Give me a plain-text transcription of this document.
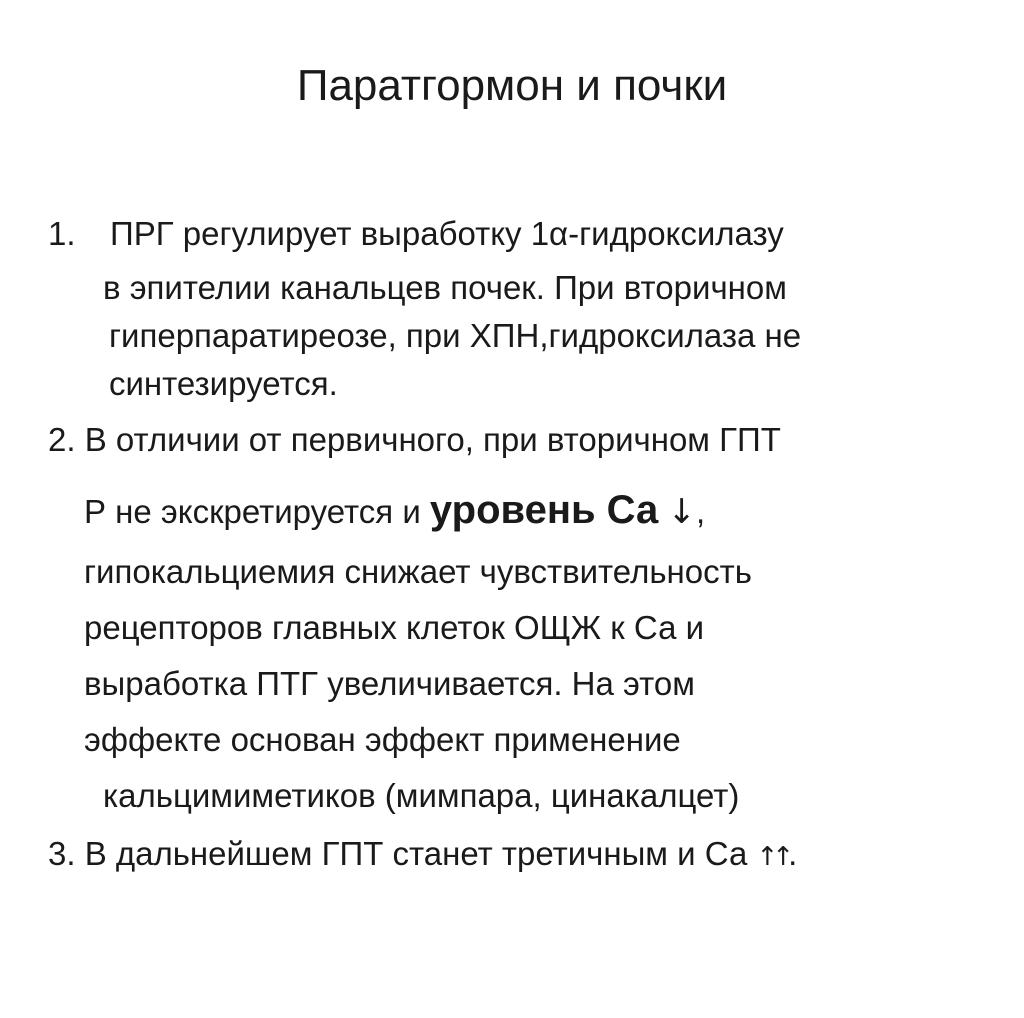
Паратгормон и почки
1. ПРГ регулирует выработку 1α-гидроксилазу
в эпителии канальцев почек. При вторичном
гиперпаратиреозе, при ХПН,гидроксилаза не
синтезируется.
2. В отличии от первичного, при вторичном ГПТ
Р не экскретируется и уровень Са ↓,
гипокальциемия снижает чувствительность
рецепторов главных клеток ОЩЖ к Са и
выработка ПТГ увеличивается. На этом
эффекте основан эффект применение
кальцимиметиков (мимпара, цинакалцет)
3. В дальнейшем ГПТ станет третичным и Са ↑↑.
